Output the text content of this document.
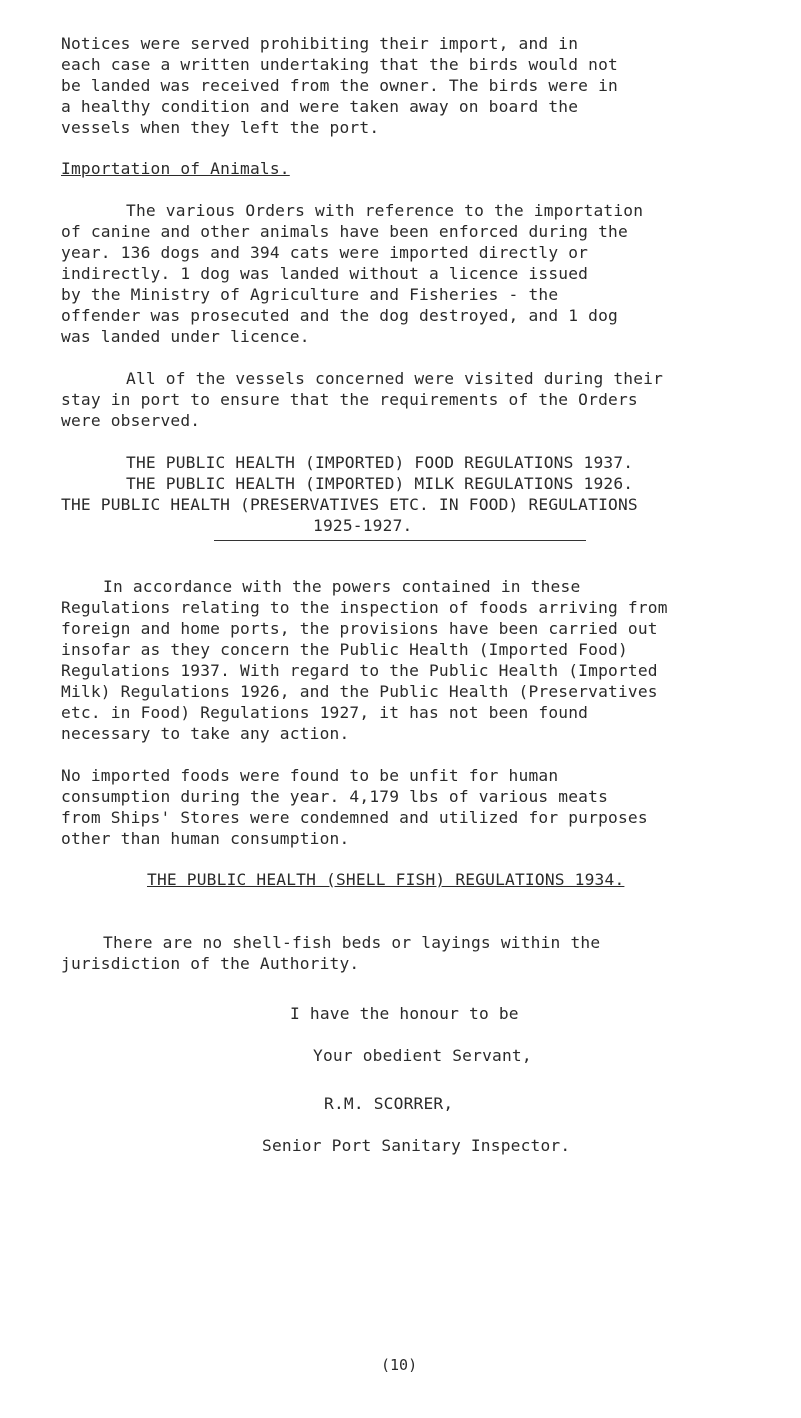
Notices were served prohibiting their import, and in
each case a written undertaking that the birds would not
be landed was received from the owner. The birds were in
a healthy condition and were taken away on board the
vessels when they left the port.
Importation of Animals.
The various Orders with reference to the importation
of canine and other animals have been enforced during the
year. 136 dogs and 394 cats were imported directly or
indirectly. 1 dog was landed without a licence issued
by the Ministry of Agriculture and Fisheries - the
offender was prosecuted and the dog destroyed, and 1 dog
was landed under licence.
All of the vessels concerned were visited during their
stay in port to ensure that the requirements of the Orders
were observed.
THE PUBLIC HEALTH (IMPORTED) FOOD REGULATIONS 1937.
THE PUBLIC HEALTH (IMPORTED) MILK REGULATIONS 1926.
THE PUBLIC HEALTH (PRESERVATIVES ETC. IN FOOD) REGULATIONS
1925-1927.
In accordance with the powers contained in these
Regulations relating to the inspection of foods arriving from
foreign and home ports, the provisions have been carried out
insofar as they concern the Public Health (Imported Food)
Regulations 1937. With regard to the Public Health (Imported
Milk) Regulations 1926, and the Public Health (Preservatives
etc. in Food) Regulations 1927, it has not been found
necessary to take any action.
No imported foods were found to be unfit for human
consumption during the year. 4,179 lbs of various meats
from Ships' Stores were condemned and utilized for purposes
other than human consumption.
THE PUBLIC HEALTH (SHELL FISH) REGULATIONS 1934.
There are no shell-fish beds or layings within the
jurisdiction of the Authority.
I have the honour to be
Your obedient Servant,
R.M. SCORRER,
Senior Port Sanitary Inspector.
(10)
